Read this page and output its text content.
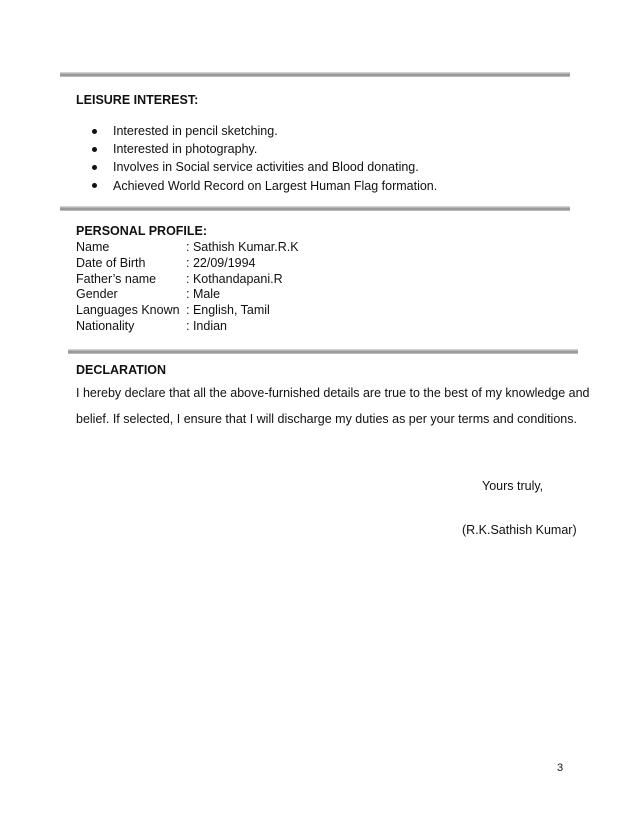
LEISURE INTEREST:
Interested in pencil sketching.
Interested in photography.
Involves in Social service activities and Blood donating.
Achieved World Record on Largest Human Flag formation.
PERSONAL PROFILE:
Name	: Sathish Kumar.R.K
Date of Birth	: 22/09/1994
Father’s name : Kothandapani.R
Gender	: Male
Languages Known : English, Tamil
Nationality	: Indian
DECLARATION
I hereby declare that all the above-furnished details are true to the best of my knowledge and
belief. If selected, I ensure that I will discharge my duties as per your terms and conditions.
Yours truly,
(R.K.Sathish Kumar)
3
